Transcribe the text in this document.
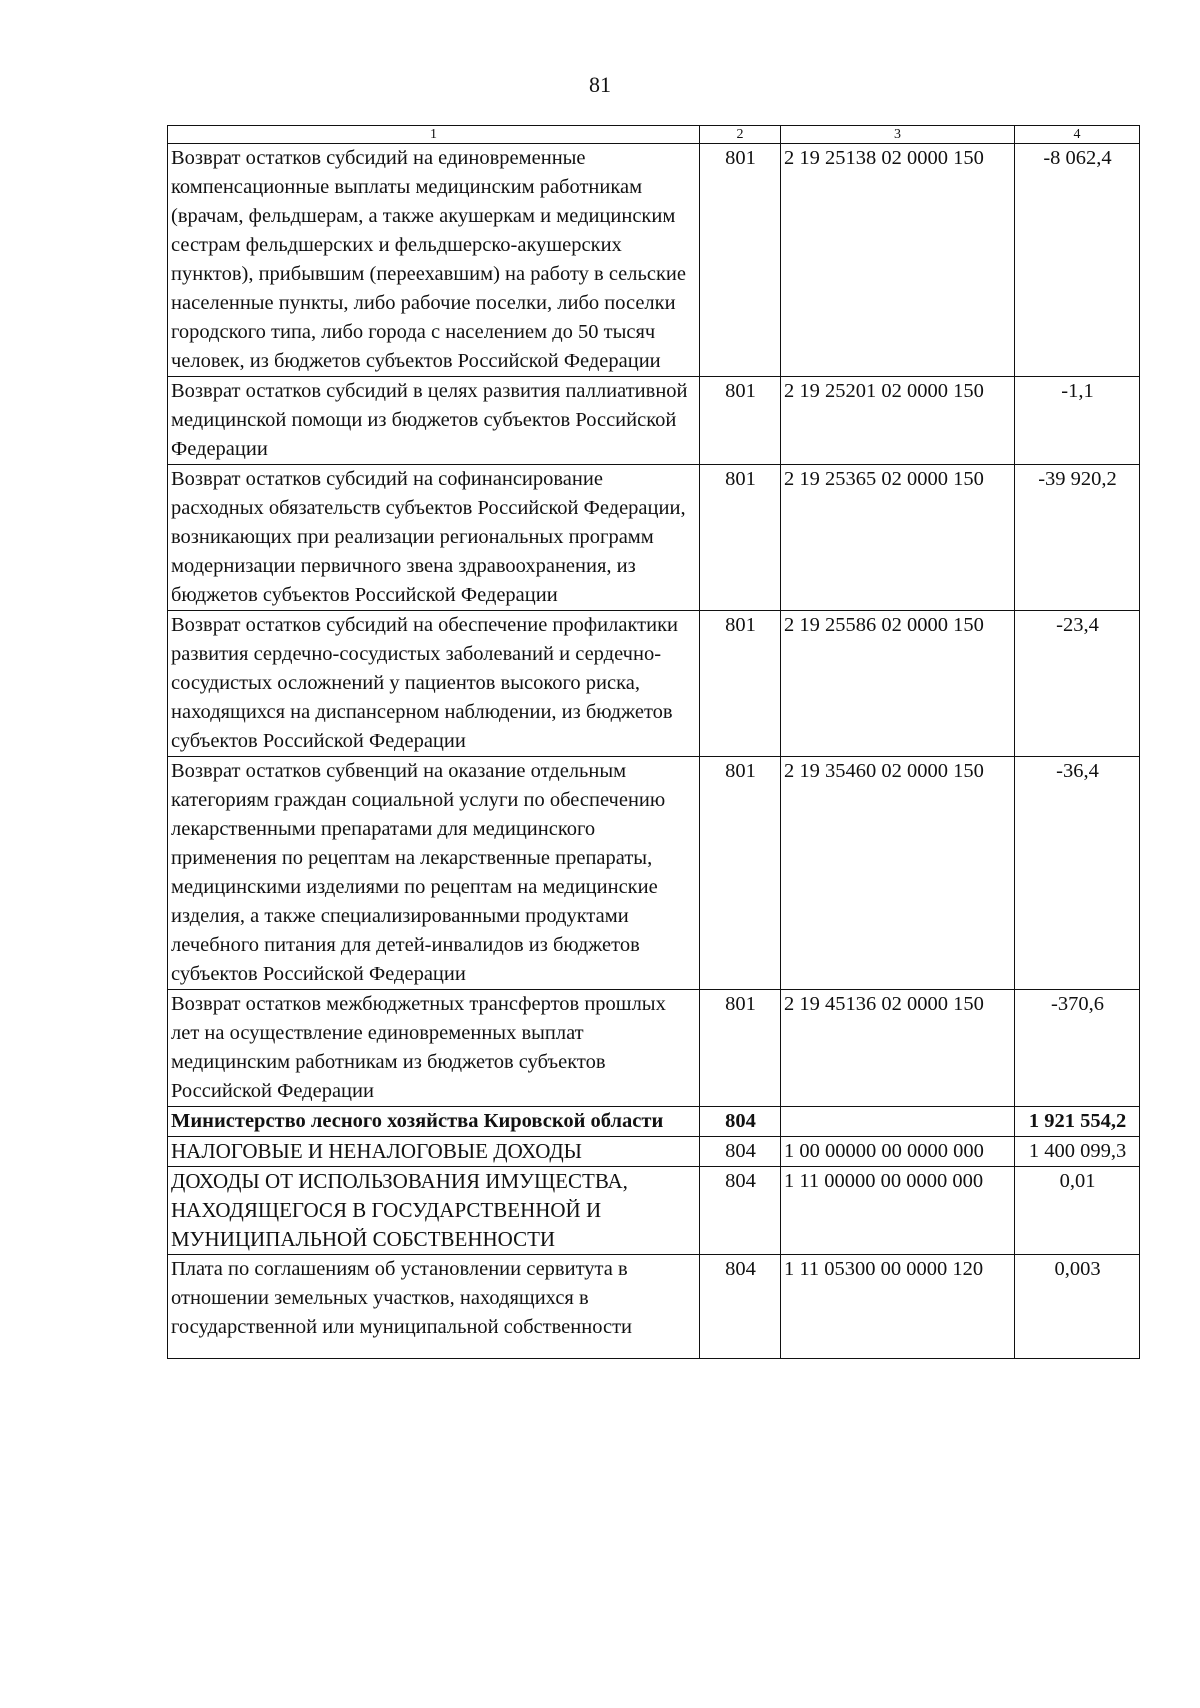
81
1	2	3	4
Возврат остатков субсидий на единовременные компенсационные выплаты медицинским работникам (врачам, фельдшерам, а также акушеркам и медицинским сестрам фельдшерских и фельдшерско-акушерских пунктов), прибывшим (переехавшим) на работу в сельские населенные пункты, либо рабочие поселки, либо поселки городского типа, либо города с населением до 50 тысяч человек, из бюджетов субъектов Российской Федерации	801	2 19 25138 02 0000 150	-8 062,4
Возврат остатков субсидий в целях развития паллиативной медицинской помощи из бюджетов субъектов Российской Федерации	801	2 19 25201 02 0000 150	-1,1
Возврат остатков субсидий на софинансирование расходных обязательств субъектов Российской Федерации, возникающих при реализации региональных программ модернизации первичного звена здравоохранения, из бюджетов субъектов Российской Федерации	801	2 19 25365 02 0000 150	-39 920,2
Возврат остатков субсидий на обеспечение профилактики развития сердечно-сосудистых заболеваний и сердечно-сосудистых осложнений у пациентов высокого риска, находящихся на диспансерном наблюдении, из бюджетов субъектов Российской Федерации	801	2 19 25586 02 0000 150	-23,4
Возврат остатков субвенций на оказание отдельным категориям граждан социальной услуги по обеспечению лекарственными препаратами для медицинского применения по рецептам на лекарственные препараты, медицинскими изделиями по рецептам на медицинские изделия, а также специализированными продуктами лечебного питания для детей-инвалидов из бюджетов субъектов Российской Федерации	801	2 19 35460 02 0000 150	-36,4
Возврат остатков межбюджетных трансфертов прошлых лет на осуществление единовременных выплат медицинским работникам из бюджетов субъектов Российской Федерации	801	2 19 45136 02 0000 150	-370,6
Министерство лесного хозяйства Кировской области	804		1 921 554,2
НАЛОГОВЫЕ И НЕНАЛОГОВЫЕ ДОХОДЫ	804	1 00 00000 00 0000 000	1 400 099,3
ДОХОДЫ ОТ ИСПОЛЬЗОВАНИЯ ИМУЩЕСТВА, НАХОДЯЩЕГОСЯ В ГОСУДАРСТВЕННОЙ И МУНИЦИПАЛЬНОЙ СОБСТВЕННОСТИ	804	1 11 00000 00 0000 000	0,01
Плата по соглашениям об установлении сервитута в отношении земельных участков, находящихся в государственной или муниципальной собственности	804	1 11 05300 00 0000 120	0,003
